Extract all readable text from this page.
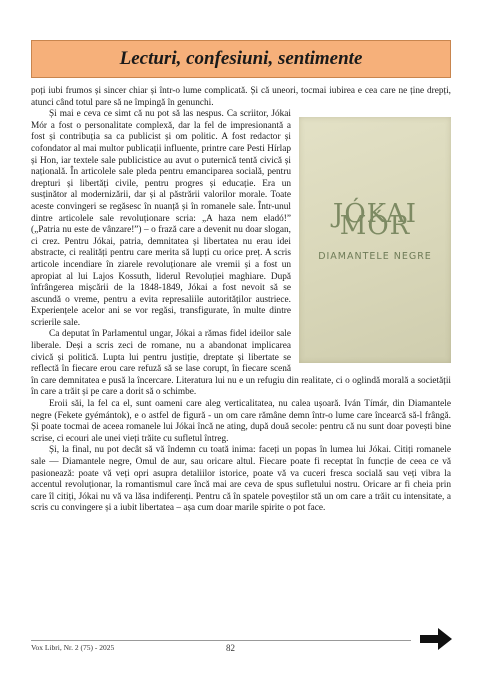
Lecturi, confesiuni, sentimente

poți iubi frumos și sincer chiar și într-o lume complicată. Și că uneori, tocmai iubirea e cea care ne ține drepți, atunci când totul pare să ne împingă în genunchi.

JÓKAI MÓR
DIAMANTELE NEGRE

Și mai e ceva ce simt că nu pot să las nespus. Ca scriitor, Jókai Mór a fost o personalitate complexă, dar la fel de impresionantă a fost și contribuția sa ca publicist și om politic. A fost redactor și cofondator al mai multor publicații influente, printre care Pesti Hírlap și Hon, iar textele sale publicistice au avut o puternică tentă civică și națională. În articolele sale pleda pentru emanciparea socială, pentru drepturi și libertăți civile, pentru progres și educație. Era un susținător al modernizării, dar și al păstrării valorilor morale. Toate aceste convingeri se regăsesc în nuanță și în romanele sale. Într-unul dintre articolele sale revoluționare scria: „A haza nem eladó!” („Patria nu este de vânzare!”) – o frază care a devenit nu doar slogan, ci crez. Pentru Jókai, patria, demnitatea și libertatea nu erau idei abstracte, ci realități pentru care merita să lupți cu orice preț. A scris articole incendiare în ziarele revoluționare ale vremii și a fost un apropiat al lui Lajos Kossuth, liderul Revoluției maghiare. După înfrângerea mișcării de la 1848-1849, Jókai a fost nevoit să se ascundă o vreme, pentru a evita represaliile autorităților austriece. Experiențele acelor ani se vor regăsi, transfigurate, în multe dintre scrierile sale.

Ca deputat în Parlamentul ungar, Jókai a rămas fidel ideilor sale liberale. Deși a scris zeci de romane, nu a abandonat implicarea civică și politică. Lupta lui pentru justiție, dreptate și libertate se reflectă în fiecare erou care refuză să se lase corupt, în fiecare scenă în care demnitatea e pusă la încercare. Literatura lui nu e un refugiu din realitate, ci o oglindă morală a societății în care a trăit și pe care a dorit să o schimbe.

Eroii săi, la fel ca el, sunt oameni care aleg verticalitatea, nu calea ușoară. Iván Tímár, din Diamantele negre (Fekete gyémántok), e o astfel de figură - un om care rămâne demn într-o lume care încearcă să-l frângă. Și poate tocmai de aceea romanele lui Jókai încă ne ating, după două secole: pentru că nu sunt doar povești bine scrise, ci ecouri ale unei vieți trăite cu sufletul întreg.

Și, la final, nu pot decât să vă îndemn cu toată inima: faceți un popas în lumea lui Jókai. Citiți romanele sale — Diamantele negre, Omul de aur, sau oricare altul. Fiecare poate fi receptat în funcție de ceea ce vă pasionează: poate vă veți opri asupra detaliilor istorice, poate vă va cuceri fresca socială sau veți vibra la accentul revoluționar, la romantismul care încă mai are ceva de spus sufletului nostru. Oricare ar fi cheia prin care îl citiți, Jókai nu vă va lăsa indiferenți. Pentru că în spatele poveștilor stă un om care a trăit cu intensitate, a scris cu convingere și a iubit libertatea – așa cum doar marile spirite o pot face.

Vox Libri, Nr. 2 (75) - 2025	82
